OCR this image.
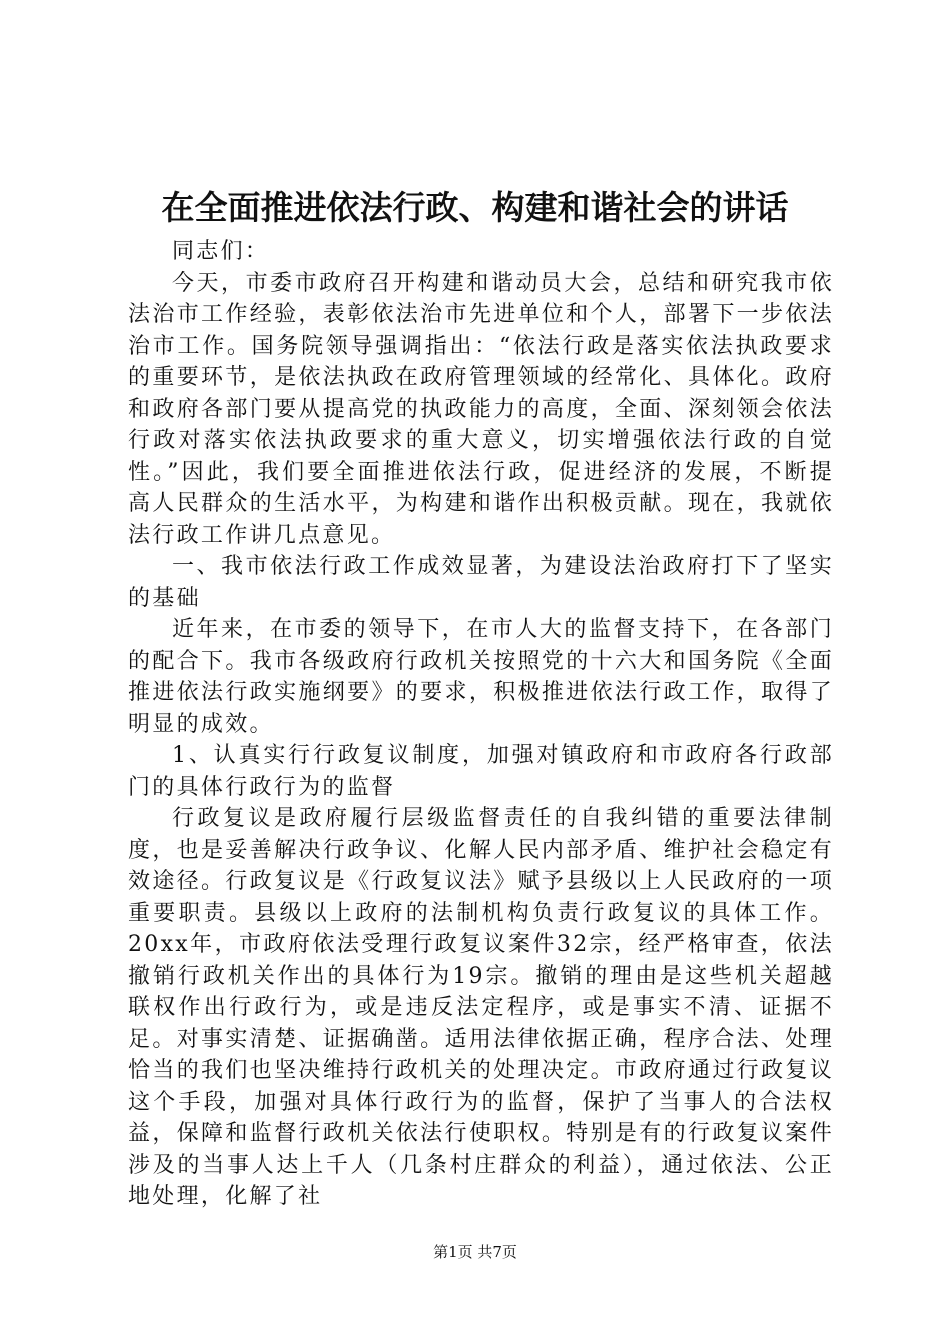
在全面推进依法行政、构建和谐社会的讲话

同志们：

今天，市委市政府召开构建和谐动员大会，总结和研究我市依法治市工作经验，表彰依法治市先进单位和个人，部署下一步依法治市工作。国务院领导强调指出：“依法行政是落实依法执政要求的重要环节，是依法执政在政府管理领域的经常化、具体化。政府和政府各部门要从提高党的执政能力的高度，全面、深刻领会依法行政对落实依法执政要求的重大意义，切实增强依法行政的自觉性。”因此，我们要全面推进依法行政，促进经济的发展，不断提高人民群众的生活水平，为构建和谐作出积极贡献。现在，我就依法行政工作讲几点意见。

一、我市依法行政工作成效显著，为建设法治政府打下了坚实的基础

近年来，在市委的领导下，在市人大的监督支持下，在各部门的配合下。我市各级政府行政机关按照党的十六大和国务院《全面推进依法行政实施纲要》的要求，积极推进依法行政工作，取得了明显的成效。

1、认真实行行政复议制度，加强对镇政府和市政府各行政部门的具体行政行为的监督

行政复议是政府履行层级监督责任的自我纠错的重要法律制度，也是妥善解决行政争议、化解人民内部矛盾、维护社会稳定有效途径。行政复议是《行政复议法》赋予县级以上人民政府的一项重要职责。县级以上政府的法制机构负责行政复议的具体工作。20xx年，市政府依法受理行政复议案件32宗，经严格审查，依法撤销行政机关作出的具体行为19宗。撤销的理由是这些机关超越联权作出行政行为，或是违反法定程序，或是事实不清、证据不足。对事实清楚、证据确凿。适用法律依据正确，程序合法、处理恰当的我们也坚决维持行政机关的处理决定。市政府通过行政复议这个手段，加强对具体行政行为的监督，保护了当事人的合法权益，保障和监督行政机关依法行使职权。特别是有的行政复议案件涉及的当事人达上千人（几条村庄群众的利益），通过依法、公正地处理，化解了社

第1页 共7页
